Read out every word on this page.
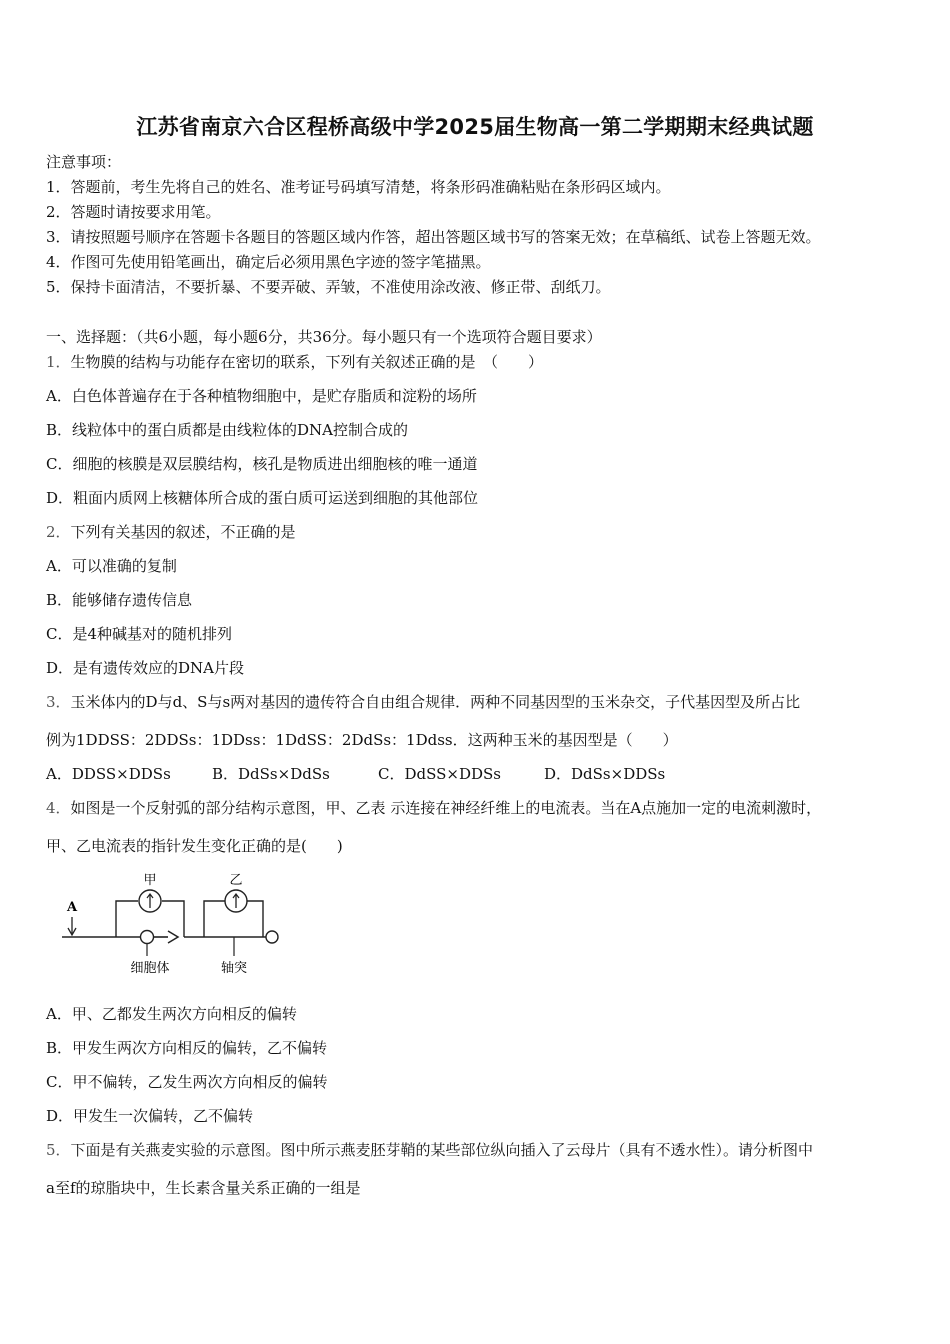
江苏省南京六合区程桥高级中学2025届生物高一第二学期期末经典试题
注意事项：
1．答题前，考生先将自己的姓名、准考证号码填写清楚，将条形码准确粘贴在条形码区域内。
2．答题时请按要求用笔。
3．请按照题号顺序在答题卡各题目的答题区域内作答，超出答题区域书写的答案无效；在草稿纸、试卷上答题无效。
4．作图可先使用铅笔画出，确定后必须用黑色字迹的签字笔描黑。
5．保持卡面清洁，不要折暴、不要弄破、弄皱，不准使用涂改液、修正带、刮纸刀。
一、选择题：（共6小题，每小题6分，共36分。每小题只有一个选项符合题目要求）
1．生物膜的结构与功能存在密切的联系，下列有关叙述正确的是　（　　）
A．白色体普遍存在于各种植物细胞中，是贮存脂质和淀粉的场所
B．线粒体中的蛋白质都是由线粒体的DNA控制合成的
C．细胞的核膜是双层膜结构，核孔是物质进出细胞核的唯一通道
D．粗面内质网上核糖体所合成的蛋白质可运送到细胞的其他部位
2．下列有关基因的叙述，不正确的是
A．可以准确的复制
B．能够储存遗传信息
C．是4种碱基对的随机排列
D．是有遗传效应的DNA片段
3．玉米体内的D与d、S与s两对基因的遗传符合自由组合规律．两种不同基因型的玉米杂交，子代基因型及所占比
例为1DDSS：2DDSs：1DDss：1DdSS：2DdSs：1Ddss．这两种玉米的基因型是（　　）
A．DDSS×DDSs	B．DdSs×DdSs	C．DdSS×DDSs	D．DdSs×DDSs
4．如图是一个反射弧的部分结构示意图，甲、乙表 示连接在神经纤维上的电流表。当在A点施加一定的电流刺激时，
甲、乙电流表的指针发生变化正确的是(　　)
A
甲	乙
细胞体	轴突
A．甲、乙都发生两次方向相反的偏转
B．甲发生两次方向相反的偏转，乙不偏转
C．甲不偏转，乙发生两次方向相反的偏转
D．甲发生一次偏转，乙不偏转
5．下面是有关燕麦实验的示意图。图中所示燕麦胚芽鞘的某些部位纵向插入了云母片（具有不透水性）。请分析图中
a至f的琼脂块中，生长素含量关系正确的一组是
